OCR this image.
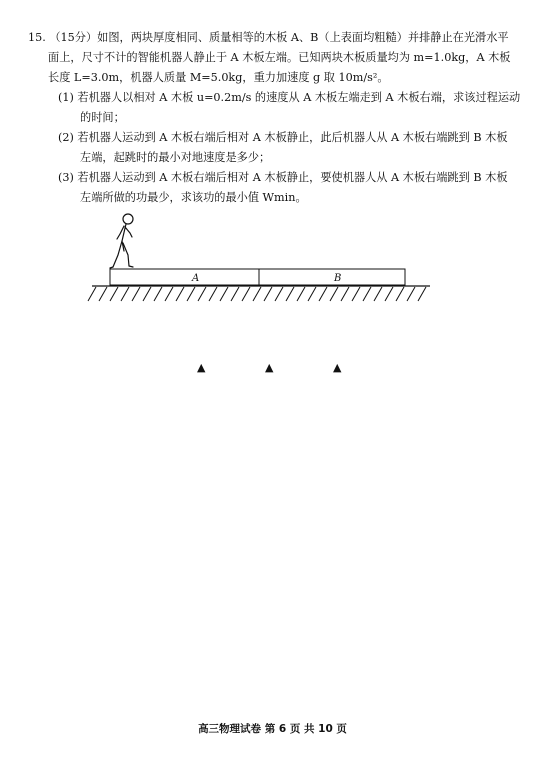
15. （15分）如图，两块厚度相同、质量相等的木板 A、B（上表面均粗糙）并排静止在光滑水平
面上，尺寸不计的智能机器人静止于 A 木板左端。已知两块木板质量均为 m=1.0kg，A 木板
长度 L=3.0m，机器人质量 M=5.0kg，重力加速度 g 取 10m/s²。
(1) 若机器人以相对 A 木板 u=0.2m/s 的速度从 A 木板左端走到 A 木板右端，求该过程运动
的时间；
(2) 若机器人运动到 A 木板右端后相对 A 木板静止，此后机器人从 A 木板右端跳到 B 木板
左端，起跳时的最小对地速度是多少；
(3) 若机器人运动到 A 木板右端后相对 A 木板静止，要使机器人从 A 木板右端跳到 B 木板
左端所做的功最少，求该功的最小值 Wmin。
A	B
▲	▲	▲
高三物理试卷 第 6 页 共 10 页
